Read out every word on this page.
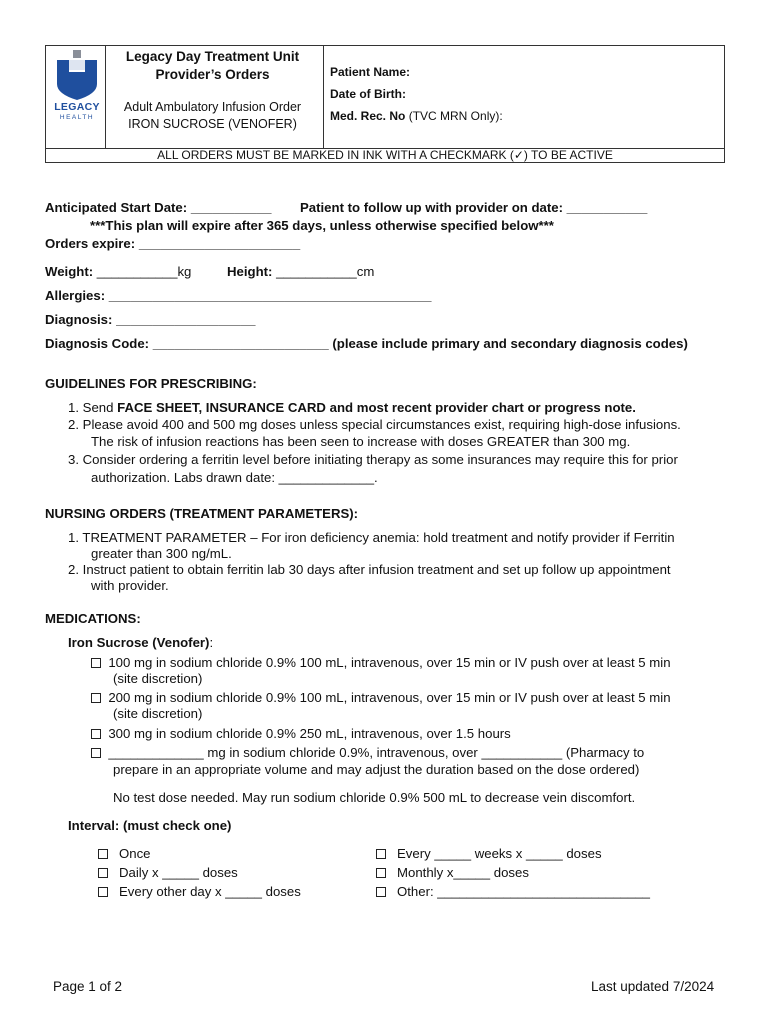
LEGACY
HEALTH
Legacy Day Treatment Unit
Provider’s Orders
Adult Ambulatory Infusion Order
IRON SUCROSE (VENOFER)
Patient Name:
Date of Birth:
Med. Rec. No (TVC MRN Only):
ALL ORDERS MUST BE MARKED IN INK WITH A CHECKMARK (✓) TO BE ACTIVE
Anticipated Start Date: ___________ Patient to follow up with provider on date: ___________
***This plan will expire after 365 days, unless otherwise specified below***
Orders expire: ______________________
Weight: ___________kg	Height: ___________cm
Allergies: ____________________________________________
Diagnosis: ___________________
Diagnosis Code: ________________________ (please include primary and secondary diagnosis codes)
GUIDELINES FOR PRESCRIBING:
1. Send FACE SHEET, INSURANCE CARD and most recent provider chart or progress note.
2. Please avoid 400 and 500 mg doses unless special circumstances exist, requiring high-dose infusions.
The risk of infusion reactions has been seen to increase with doses GREATER than 300 mg.
3. Consider ordering a ferritin level before initiating therapy as some insurances may require this for prior
authorization. Labs drawn date: _____________.
NURSING ORDERS (TREATMENT PARAMETERS):
1. TREATMENT PARAMETER – For iron deficiency anemia: hold treatment and notify provider if Ferritin
greater than 300 ng/mL.
2. Instruct patient to obtain ferritin lab 30 days after infusion treatment and set up follow up appointment
with provider.
MEDICATIONS:
Iron Sucrose (Venofer):
100 mg in sodium chloride 0.9% 100 mL, intravenous, over 15 min or IV push over at least 5 min
(site discretion)
200 mg in sodium chloride 0.9% 100 mL, intravenous, over 15 min or IV push over at least 5 min
(site discretion)
300 mg in sodium chloride 0.9% 250 mL, intravenous, over 1.5 hours
_____________ mg in sodium chloride 0.9%, intravenous, over ___________ (Pharmacy to
prepare in an appropriate volume and may adjust the duration based on the dose ordered)
No test dose needed. May run sodium chloride 0.9% 500 mL to decrease vein discomfort.
Interval: (must check one)
Once
Daily x _____ doses
Every other day x _____ doses
Every _____ weeks x _____ doses
Monthly x_____ doses
Other: _____________________________
Page 1 of 2	Last updated 7/2024
